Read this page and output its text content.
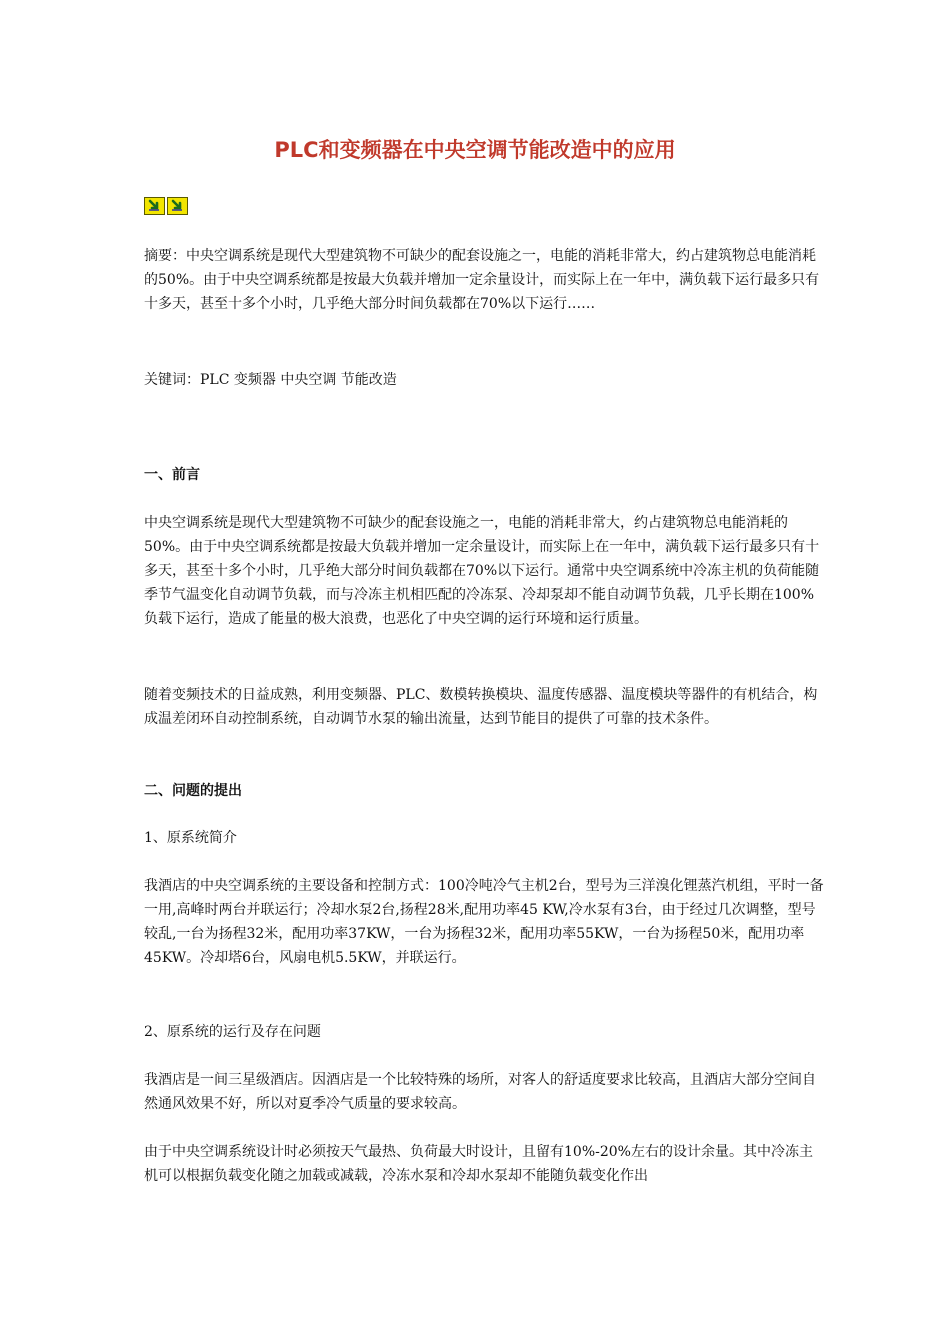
PLC和变频器在中央空调节能改造中的应用

摘要：中央空调系统是现代大型建筑物不可缺少的配套设施之一，电能的消耗非常大，约占建筑物总电能消耗的50%。由于中央空调系统都是按最大负载并增加一定余量设计，而实际上在一年中，满负载下运行最多只有十多天，甚至十多个小时，几乎绝大部分时间负载都在70%以下运行……

关键词：PLC 变频器 中央空调 节能改造

一、前言

中央空调系统是现代大型建筑物不可缺少的配套设施之一，电能的消耗非常大，约占建筑物总电能消耗的50%。由于中央空调系统都是按最大负载并增加一定余量设计，而实际上在一年中，满负载下运行最多只有十多天，甚至十多个小时，几乎绝大部分时间负载都在70%以下运行。通常中央空调系统中冷冻主机的负荷能随季节气温变化自动调节负载，而与冷冻主机相匹配的冷冻泵、冷却泵却不能自动调节负载，几乎长期在100%负载下运行，造成了能量的极大浪费，也恶化了中央空调的运行环境和运行质量。

随着变频技术的日益成熟，利用变频器、PLC、数模转换模块、温度传感器、温度模块等器件的有机结合，构成温差闭环自动控制系统，自动调节水泵的输出流量，达到节能目的提供了可靠的技术条件。

二、问题的提出

1、原系统简介

我酒店的中央空调系统的主要设备和控制方式：100冷吨冷气主机2台，型号为三洋溴化锂蒸汽机组，平时一备一用,高峰时两台并联运行；冷却水泵2台,扬程28米,配用功率45 KW,冷水泵有3台，由于经过几次调整，型号较乱,一台为扬程32米，配用功率37KW，一台为扬程32米，配用功率55KW，一台为扬程50米，配用功率45KW。冷却塔6台，风扇电机5.5KW，并联运行。

2、原系统的运行及存在问题

我酒店是一间三星级酒店。因酒店是一个比较特殊的场所，对客人的舒适度要求比较高，且酒店大部分空间自然通风效果不好，所以对夏季冷气质量的要求较高。

由于中央空调系统设计时必须按天气最热、负荷最大时设计，且留有10%-20%左右的设计余量。其中冷冻主机可以根据负载变化随之加载或减载，冷冻水泵和冷却水泵却不能随负载变化作出
